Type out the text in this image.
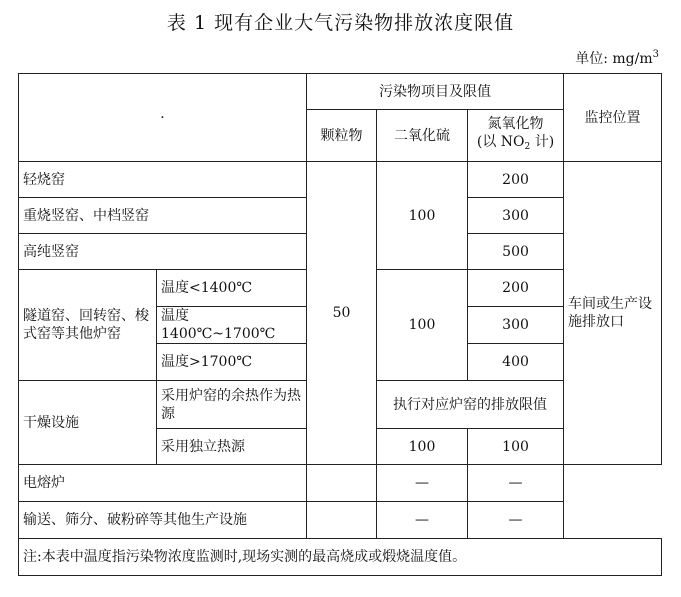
表 1 现有企业大气污染物排放浓度限值
单位: $mg/m^3$
·		污染物项目及限值			监控位置
		颗粒物	二氧化硫	氮氧化物
(以 $NO_2$ 计)	
轻烧窑		50	100	200	车间或生产设施排放口
重烧竖窑、中档竖窑				300	
高纯竖窑				500	
隧道窑、回转窑、梭式窑等其他炉窑	温度<1400℃		100	200	
	温度1400℃~1700℃			300	
	温度>1700℃			400	
干燥设施	采用炉窑的余热作为热源		执行对应炉窑的排放限值		
	采用独立热源		100	100	
电熔炉			—	—	
输送、筛分、破粉碎等其他生产设施			—	—	
注:本表中温度指污染物浓度监测时,现场实测的最高烧成或煅烧温度值。					
